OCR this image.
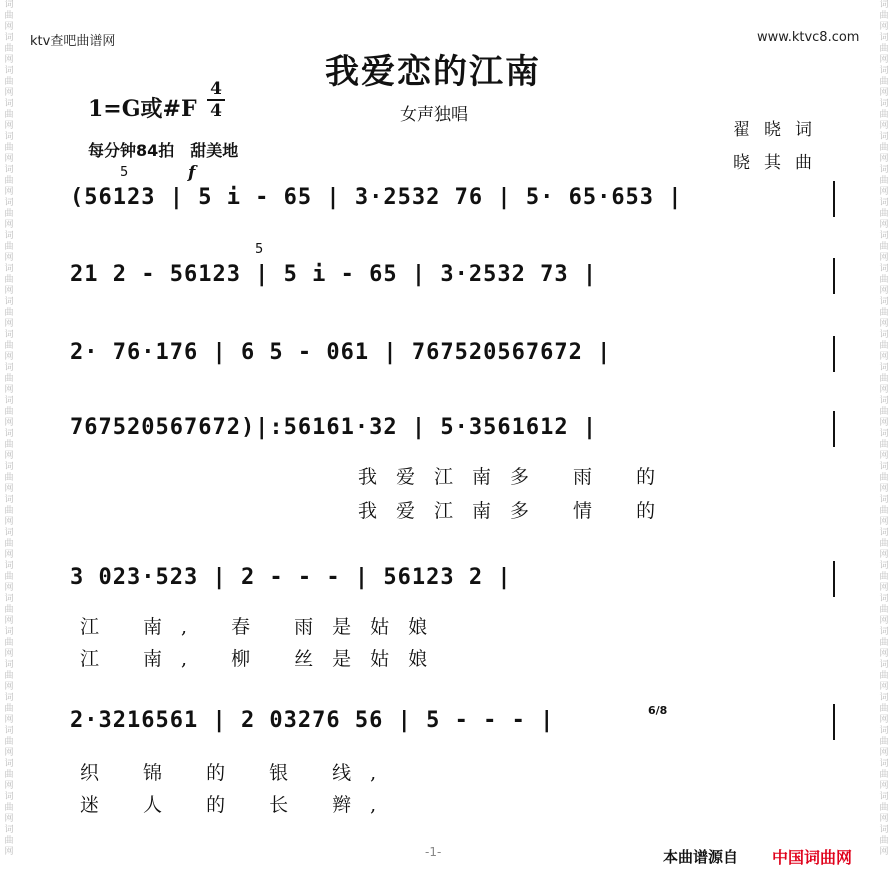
词
曲
网
词
曲
网
词
曲
网
词
曲
网
词
曲
网
词
曲
网
词
曲
网
词
曲
网
词
曲
网
词
曲
网
词
曲
网
词
曲
网
词
曲
网
词
曲
网
词
曲
网
词
曲
网
词
曲
网
词
曲
网
词
曲
网
词
曲
网
词
曲
网
词
曲
网
词
曲
网
词
曲
网
词
曲
网
词
曲
网
词
曲
网
词
曲
网
词
曲
网
词
曲
网
词
曲
网
词
曲
网
词
曲
网
词
曲
网
词
曲
网
词
曲
网
词
曲
网
词
曲
网
词
曲
网
词
曲
网
词
曲
网
词
曲
网
词
曲
网
词
曲
网
词
曲
网
词
曲
网
词
曲
网
词
曲
网
词
曲
网
词
曲
网
词
曲
网
词
曲
网
ktv查吧曲谱网	www.ktvc8.com
我爱恋的江南
1=G或#F
4
4	女声独唱
每分钟84拍　甜美地
翟晓词
晓其曲
(56123 | 5 i - 65 | 3·2532 76 | 5· 65·653 |
5	f
21 2 - 56123 | 5 i - 65 | 3·2532 73 |
5
2· 76·176 | 6 5 - 061 | 767520567672 |
767520567672)|:56161·32 | 5·3561612 |
我爱江南多 雨 的
我爱江南多 情 的
3 023·523 | 2 - - - | 56123 2 |
江 南, 春 雨是姑娘
江 南, 柳 丝是姑娘
2·3216561 | 2 03276 56 | 5 - - - |	6/8
织 锦 的 银 线,
迷 人 的 长 辫,
-1-	本曲谱源自 中国词曲网
